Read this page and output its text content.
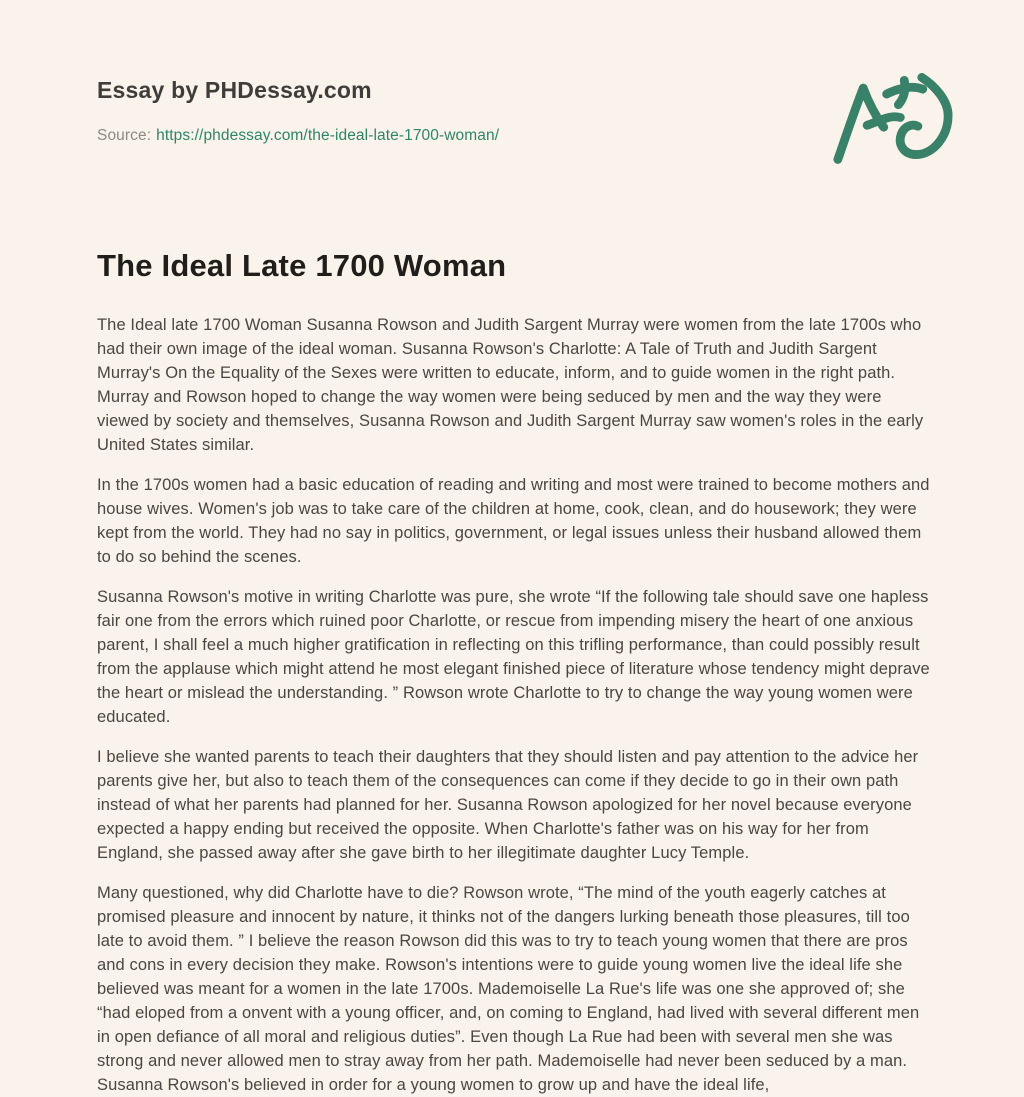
Essay by PHDessay.com
Source: https://phdessay.com/the-ideal-late-1700-woman/
The Ideal Late 1700 Woman

The Ideal late 1700 Woman Susanna Rowson and Judith Sargent Murray were women from the late 1700s who had their own image of the ideal woman. Susanna Rowson's Charlotte: A Tale of Truth and Judith Sargent Murray's On the Equality of the Sexes were written to educate, inform, and to guide women in the right path. Murray and Rowson hoped to change the way women were being seduced by men and the way they were viewed by society and themselves, Susanna Rowson and Judith Sargent Murray saw women's roles in the early United States similar.

In the 1700s women had a basic education of reading and writing and most were trained to become mothers and house wives. Women's job was to take care of the children at home, cook, clean, and do housework; they were kept from the world. They had no say in politics, government, or legal issues unless their husband allowed them to do so behind the scenes.

Susanna Rowson's motive in writing Charlotte was pure, she wrote “If the following tale should save one hapless fair one from the errors which ruined poor Charlotte, or rescue from impending misery the heart of one anxious parent, I shall feel a much higher gratification in reflecting on this trifling performance, than could possibly result from the applause which might attend he most elegant finished piece of literature whose tendency might deprave the heart or mislead the understanding. ” Rowson wrote Charlotte to try to change the way young women were educated.

I believe she wanted parents to teach their daughters that they should listen and pay attention to the advice her parents give her, but also to teach them of the consequences can come if they decide to go in their own path instead of what her parents had planned for her. Susanna Rowson apologized for her novel because everyone expected a happy ending but received the opposite. When Charlotte's father was on his way for her from England, she passed away after she gave birth to her illegitimate daughter Lucy Temple.

Many questioned, why did Charlotte have to die? Rowson wrote, “The mind of the youth eagerly catches at promised pleasure and innocent by nature, it thinks not of the dangers lurking beneath those pleasures, till too late to avoid them. ” I believe the reason Rowson did this was to try to teach young women that there are pros and cons in every decision they make. Rowson's intentions were to guide young women live the ideal life she believed was meant for a women in the late 1700s. Mademoiselle La Rue's life was one she approved of; she “had eloped from a onvent with a young officer, and, on coming to England, had lived with several different men in open defiance of all moral and religious duties”. Even though La Rue had been with several men she was strong and never allowed men to stray away from her path. Mademoiselle had never been seduced by a man. Susanna Rowson's believed in order for a young women to grow up and have the ideal life,
